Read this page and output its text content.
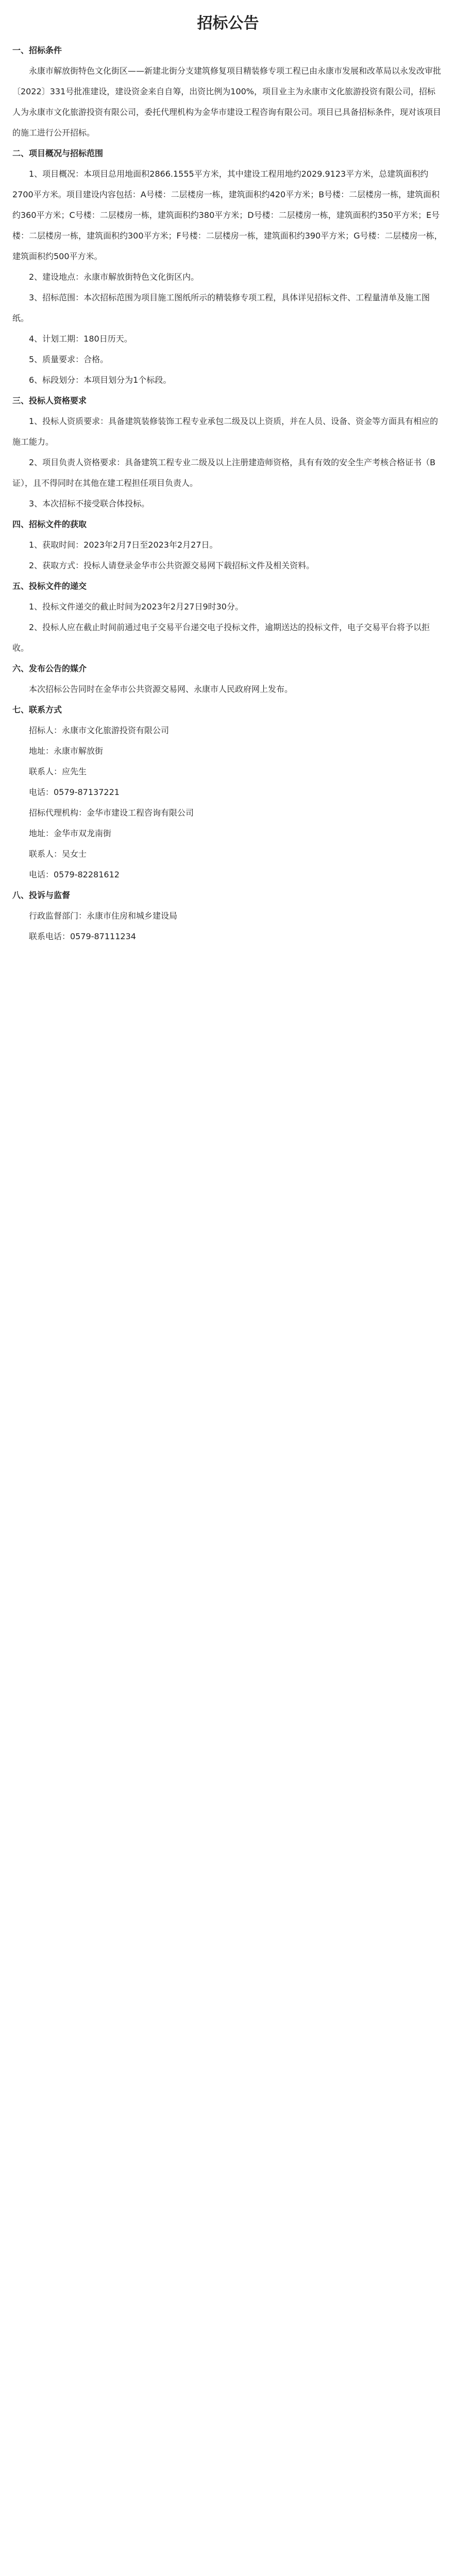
招标公告
一、招标条件
永康市解放街特色文化街区——新建北街分支建筑修复项目精装修专项工程已由永康市发展和改革局以永发改审批〔2022〕331号批准建设，建设资金来自自筹，出资比例为100%，项目业主为永康市文化旅游投资有限公司，招标人为永康市文化旅游投资有限公司，委托代理机构为金华市建设工程咨询有限公司。项目已具备招标条件，现对该项目的施工进行公开招标。
二、项目概况与招标范围
1、项目概况：本项目总用地面积2866.1555平方米，其中建设工程用地约2029.9123平方米，总建筑面积约2700平方米。项目建设内容包括：A号楼：二层楼房一栋，建筑面积约420平方米；B号楼：二层楼房一栋，建筑面积约360平方米；C号楼：二层楼房一栋，建筑面积约380平方米；D号楼：二层楼房一栋，建筑面积约350平方米；E号楼：二层楼房一栋，建筑面积约300平方米；F号楼：二层楼房一栋，建筑面积约390平方米；G号楼：二层楼房一栋，建筑面积约500平方米。
2、建设地点：永康市解放街特色文化街区内。
3、招标范围：本次招标范围为项目施工图纸所示的精装修专项工程，具体详见招标文件、工程量清单及施工图纸。
4、计划工期：180日历天。
5、质量要求：合格。
6、标段划分：本项目划分为1个标段。
三、投标人资格要求
1、投标人资质要求：具备建筑装修装饰工程专业承包二级及以上资质，并在人员、设备、资金等方面具有相应的施工能力。
2、项目负责人资格要求：具备建筑工程专业二级及以上注册建造师资格，具有有效的安全生产考核合格证书（B证），且不得同时在其他在建工程担任项目负责人。
3、本次招标不接受联合体投标。
四、招标文件的获取
1、获取时间：2023年2月7日至2023年2月27日。
2、获取方式：投标人请登录金华市公共资源交易网下载招标文件及相关资料。
五、投标文件的递交
1、投标文件递交的截止时间为2023年2月27日9时30分。
2、投标人应在截止时间前通过电子交易平台递交电子投标文件，逾期送达的投标文件，电子交易平台将予以拒收。
六、发布公告的媒介
本次招标公告同时在金华市公共资源交易网、永康市人民政府网上发布。
七、联系方式
招标人：永康市文化旅游投资有限公司
地址：永康市解放街
联系人：应先生
电话：0579-87137221
招标代理机构：金华市建设工程咨询有限公司
地址：金华市双龙南街
联系人：吴女士
电话：0579-82281612
八、投诉与监督
行政监督部门：永康市住房和城乡建设局
联系电话：0579-87111234
